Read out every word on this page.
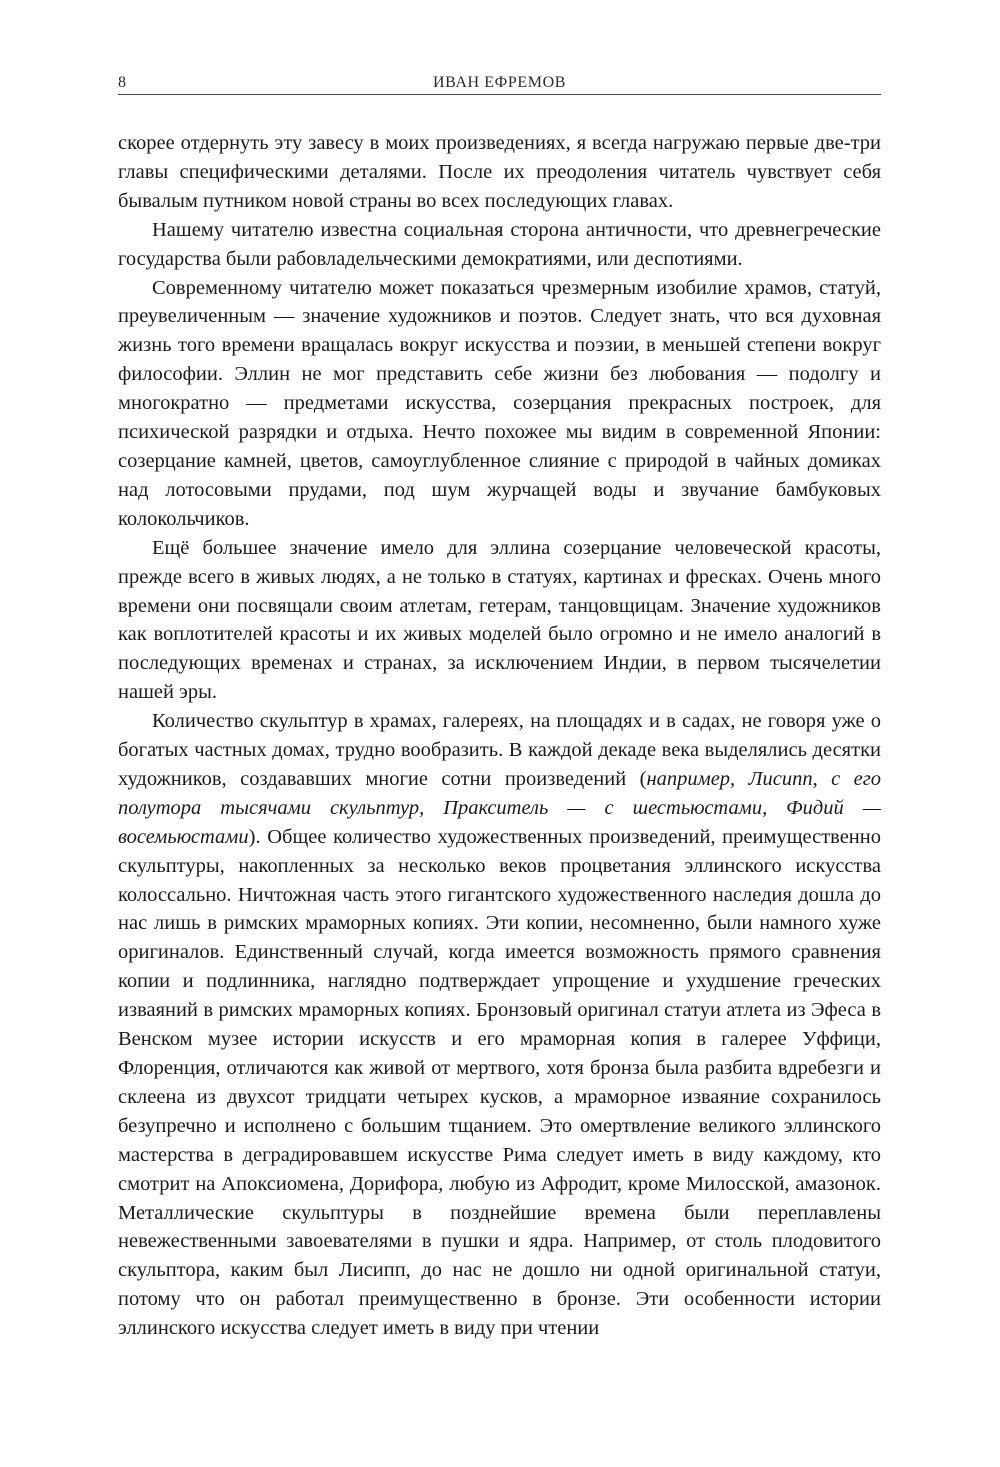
8	ИВАН ЕФРЕМОВ

скорее отдернуть эту завесу в моих произведениях, я всегда нагружаю первые две-три главы специфическими деталями. После их преодоления читатель чувствует себя бывалым путником новой страны во всех последующих главах.

Нашему читателю известна социальная сторона античности, что древнегреческие государства были рабовладельческими демократиями, или деспотиями.

Современному читателю может показаться чрезмерным изобилие храмов, статуй, преувеличенным — значение художников и поэтов. Следует знать, что вся духовная жизнь того времени вращалась вокруг искусства и поэзии, в меньшей степени вокруг философии. Эллин не мог представить себе жизни без любования — подолгу и многократно — предметами искусства, созерцания прекрасных построек, для психической разрядки и отдыха. Нечто похожее мы видим в современной Японии: созерцание камней, цветов, самоуглубленное слияние с природой в чайных домиках над лотосовыми прудами, под шум журчащей воды и звучание бамбуковых колокольчиков.

Ещё большее значение имело для эллина созерцание человеческой красоты, прежде всего в живых людях, а не только в статуях, картинах и фресках. Очень много времени они посвящали своим атлетам, гетерам, танцовщицам. Значение художников как воплотителей красоты и их живых моделей было огромно и не имело аналогий в последующих временах и странах, за исключением Индии, в первом тысячелетии нашей эры.

Количество скульптур в храмах, галереях, на площадях и в садах, не говоря уже о богатых частных домах, трудно вообразить. В каждой декаде века выделялись десятки художников, создававших многие сотни произведений (например, Лисипп, с его полутора тысячами скульптур, Пракситель — с шестьюстами, Фидий — восемьюстами). Общее количество художественных произведений, преимущественно скульптуры, накопленных за несколько веков процветания эллинского искусства колоссально. Ничтожная часть этого гигантского художественного наследия дошла до нас лишь в римских мраморных копиях. Эти копии, несомненно, были намного хуже оригиналов. Единственный случай, когда имеется возможность прямого сравнения копии и подлинника, наглядно подтверждает упрощение и ухудшение греческих изваяний в римских мраморных копиях. Бронзовый оригинал статуи атлета из Эфеса в Венском музее истории искусств и его мраморная копия в галерее Уффици, Флоренция, отличаются как живой от мертвого, хотя бронза была разбита вдребезги и склеена из двухсот тридцати четырех кусков, а мраморное изваяние сохранилось безупречно и исполнено с большим тщанием. Это омертвление великого эллинского мастерства в деградировавшем искусстве Рима следует иметь в виду каждому, кто смотрит на Апоксиомена, Дорифора, любую из Афродит, кроме Милосской, амазонок. Металлические скульптуры в позднейшие времена были переплавлены невежественными завоевателями в пушки и ядра. Например, от столь плодовитого скульптора, каким был Лисипп, до нас не дошло ни одной оригинальной статуи, потому что он работал преимущественно в бронзе. Эти особенности истории эллинского искусства следует иметь в виду при чтении
